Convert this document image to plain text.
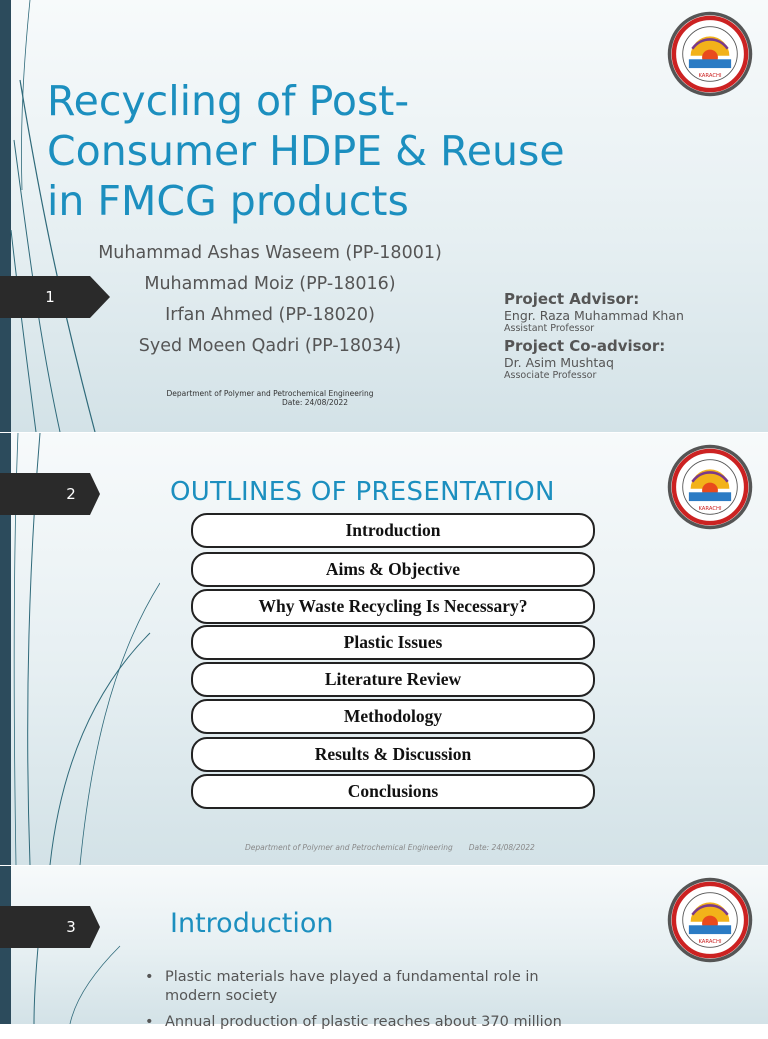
1
KARACHI
Recycling of Post-Consumer HDPE & Reuse in FMCG products
Muhammad Ashas Waseem (PP-18001)
Muhammad Moiz (PP-18016)
Irfan Ahmed (PP-18020)
Syed Moeen Qadri (PP-18034)
Project Advisor:
Engr. Raza Muhammad Khan
Assistant Professor
Project Co-advisor:
Dr. Asim Mushtaq
Associate Professor
Department of Polymer and Petrochemical Engineering
Date: 24/08/2022
2
KARACHI
OUTLINES OF PRESENTATION
Introduction
Aims & Objective
Why Waste Recycling Is Necessary?
Plastic Issues
Literature Review
Methodology
Results & Discussion
Conclusions
Department of Polymer and Petrochemical Engineering Date: 24/08/2022
3
KARACHI
Introduction
• Plastic materials have played a fundamental role in modern society
• Annual production of plastic reaches about 370 million
